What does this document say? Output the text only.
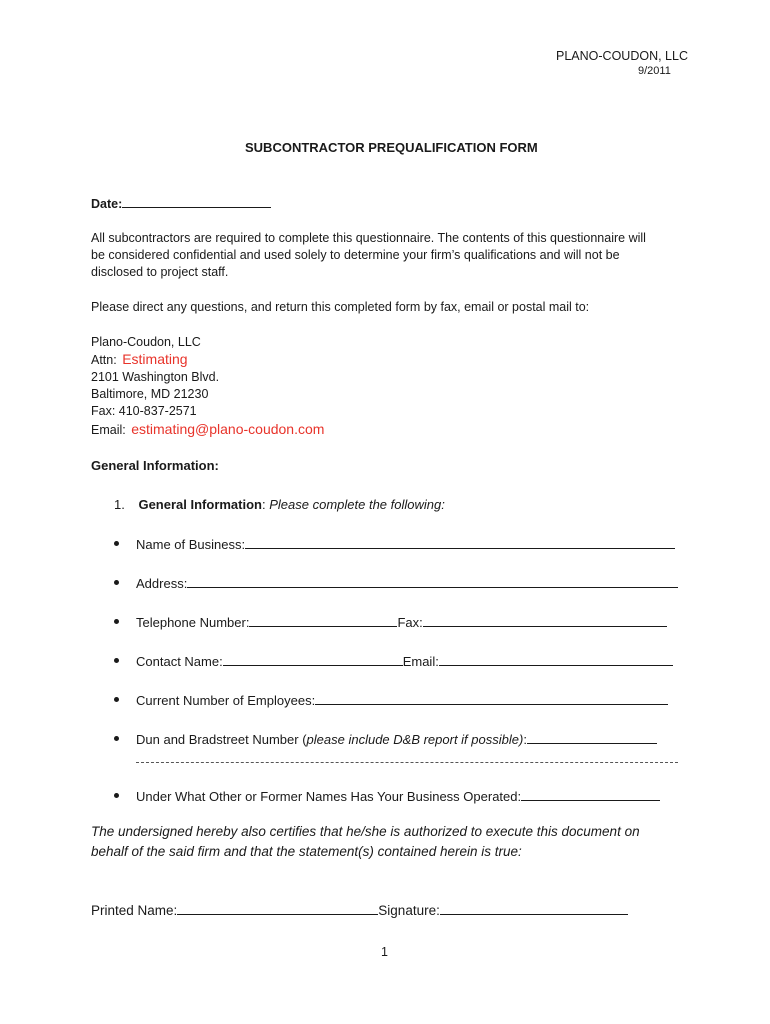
PLANO-COUDON, LLC
9/2011
SUBCONTRACTOR PREQUALIFICATION FORM
Date:
All subcontractors are required to complete this questionnaire. The contents of this questionnaire will
be considered confidential and used solely to determine your firm’s qualifications and will not be
disclosed to project staff.
Please direct any questions, and return this completed form by fax, email or postal mail to:
Plano-Coudon, LLC
Attn: Estimating
2101 Washington Blvd.
Baltimore, MD 21230
Fax: 410-837-2571
Email: estimating@plano-coudon.com
General Information:
1. General Information: Please complete the following:
Name of Business:
Address:
Telephone Number:	Fax:
Contact Name:	Email:
Current Number of Employees:
Dun and Bradstreet Number (please include D&B report if possible):
Under What Other or Former Names Has Your Business Operated:
The undersigned hereby also certifies that he/she is authorized to execute this document on
behalf of the said firm and that the statement(s) contained herein is true:
Printed Name:	Signature:
1
